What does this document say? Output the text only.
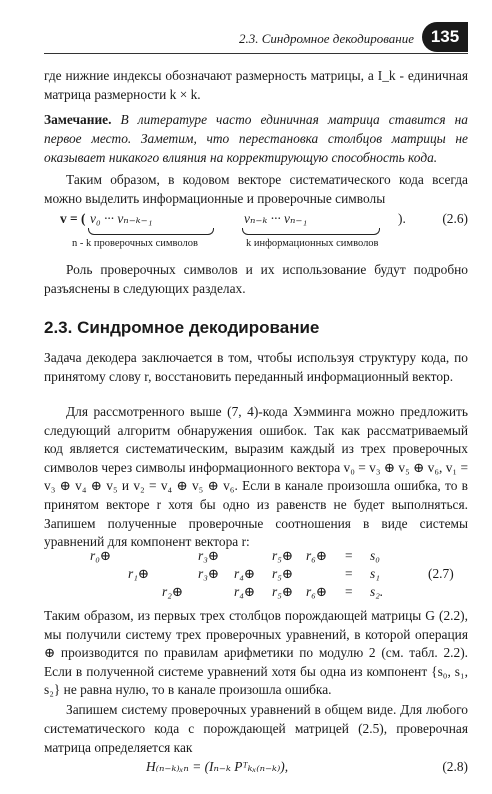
2.3. Синдромное декодирование 135

где нижние индексы обозначают размерность матрицы, а I_k - единичная матрица размерности k × k.

Замечание. В литературе часто единичная матрица ставится на первое место. Заметим, что перестановка столбцов матрицы не оказывает никакого влияния на корректирующую способность кода.

Таким образом, в кодовом векторе систематического кода всегда можно выделить информационные и проверочные символы

v = ( v₀ ··· vₙ₋ₖ₋₁	vₙ₋ₖ ··· vₙ₋₁	).	(2.6)
n - k проверочных символов	k информационных символов

Роль проверочных символов и их использование будут подробно разъяснены в следующих разделах.

2.3. Синдромное декодирование

Задача декодера заключается в том, чтобы используя структуру кода, по принятому слову r, восстановить переданный информационный вектор.

Для рассмотренного выше (7, 4)-кода Хэмминга можно предложить следующий алгоритм обнаружения ошибок. Так как рассматриваемый код является систематическим, выразим каждый из трех проверочных символов через символы информационного вектора v₀ = v₃ ⊕ v₅ ⊕ v₆, v₁ = v₃ ⊕ v₄ ⊕ v₅ и v₂ = v₄ ⊕ v₅ ⊕ v₆. Если в канале произошла ошибка, то в принятом векторе r хотя бы одно из равенств не будет выполняться. Запишем полученные проверочные соотношения в виде системы уравнений для компонент вектора r:

r₀⊕	r₃⊕	r₅⊕ r₆⊕ = s₀
r₁⊕	r₃⊕ r₄⊕ r₅⊕	= s₁	(2.7)
r₂⊕	r₄⊕ r₅⊕ r₆⊕ = s₂.

Таким образом, из первых трех столбцов порождающей матрицы G (2.2), мы получили систему трех проверочных уравнений, в которой операция ⊕ производится по правилам арифметики по модулю 2 (см. табл. 2.2). Если в полученной системе уравнений хотя бы одна из компонент {s₀, s₁, s₂} не равна нулю, то в канале произошла ошибка.

Запишем систему проверочных уравнений в общем виде. Для любого систематического кода с порождающей матрицей (2.5), проверочная матрица определяется как

H₍ₙ₋ₖ₎ₓₙ = (Iₙ₋ₖ Pᵀₖₓ₍ₙ₋ₖ₎),	(2.8)
